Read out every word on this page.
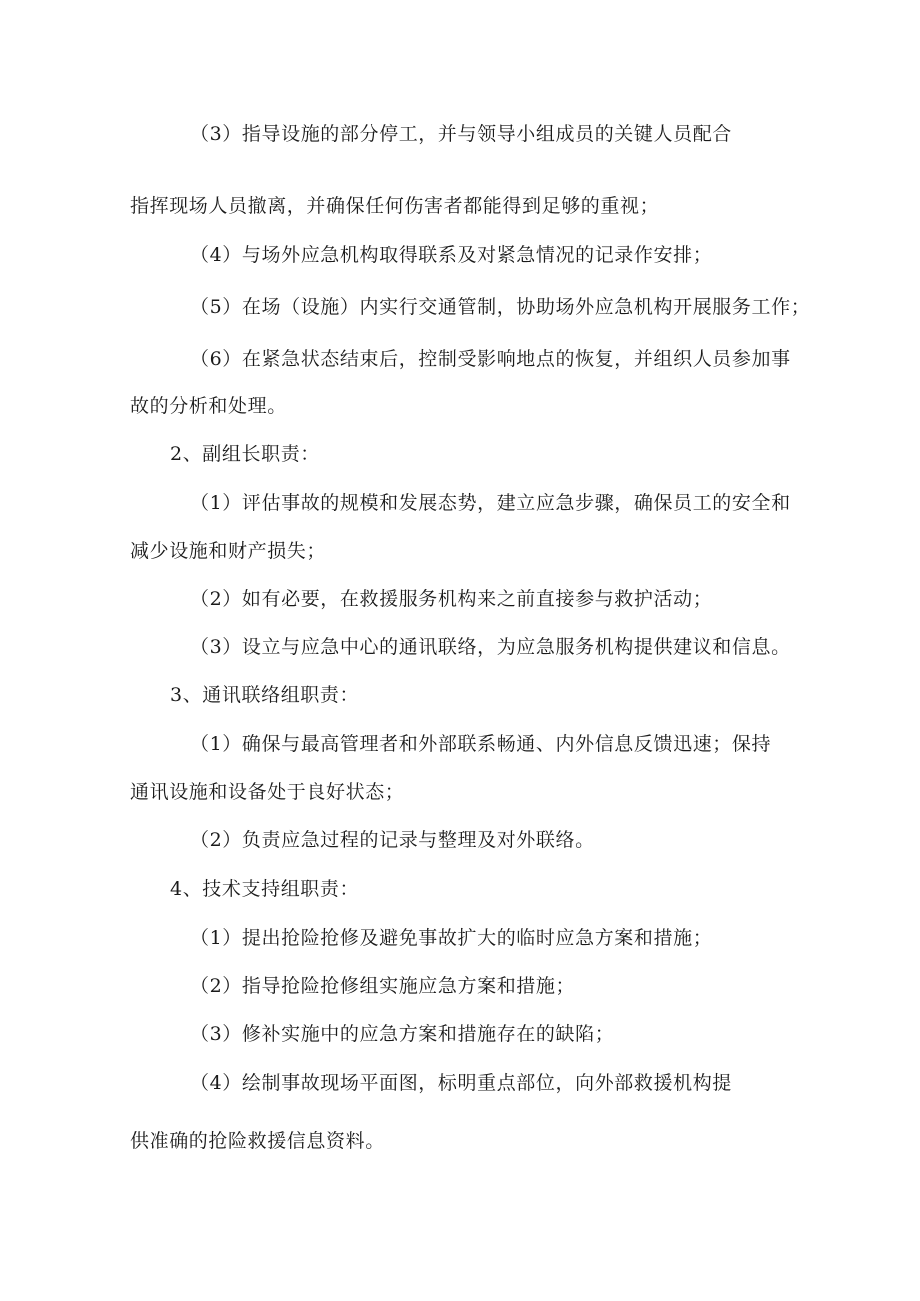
（3）指导设施的部分停工，并与领导小组成员的关键人员配合
指挥现场人员撤离，并确保任何伤害者都能得到足够的重视；
（4）与场外应急机构取得联系及对紧急情况的记录作安排；
（5）在场（设施）内实行交通管制，协助场外应急机构开展服务工作；
（6）在紧急状态结束后，控制受影响地点的恢复，并组织人员参加事
故的分析和处理。
2、副组长职责：
（1）评估事故的规模和发展态势，建立应急步骤，确保员工的安全和
减少设施和财产损失；
（2）如有必要，在救援服务机构来之前直接参与救护活动；
（3）设立与应急中心的通讯联络，为应急服务机构提供建议和信息。
3、通讯联络组职责：
（1）确保与最高管理者和外部联系畅通、内外信息反馈迅速；保持
通讯设施和设备处于良好状态；
（2）负责应急过程的记录与整理及对外联络。
4、技术支持组职责：
（1）提出抢险抢修及避免事故扩大的临时应急方案和措施；
（2）指导抢险抢修组实施应急方案和措施；
（3）修补实施中的应急方案和措施存在的缺陷；
（4）绘制事故现场平面图，标明重点部位，向外部救援机构提
供准确的抢险救援信息资料。
